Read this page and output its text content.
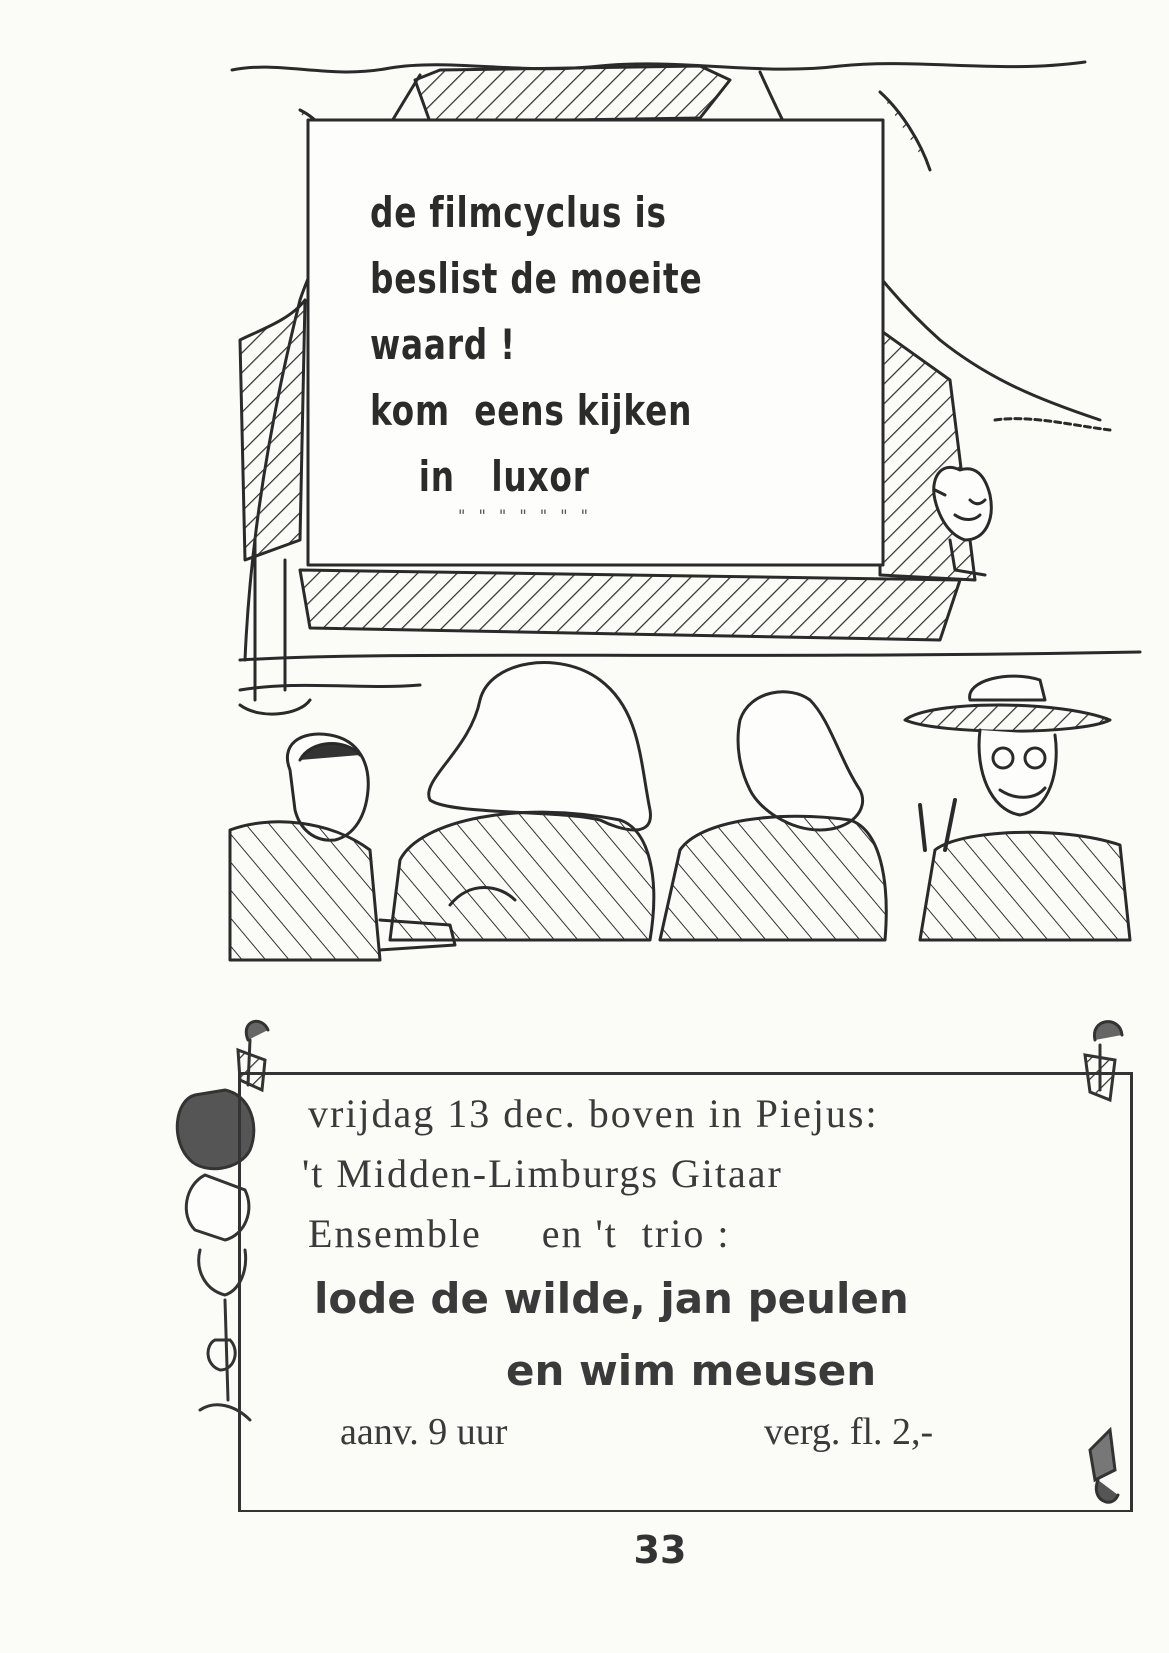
de filmcyclus is
beslist de moeite
waard !
kom  eens kijken
in   luxor
" " " " " " "
vrijdag 13 dec. boven in Piejus:
't Midden-Limburgs Gitaar
Ensemble     en 't  trio :
lode de wilde, jan peulen
en wim meusen
aanv. 9 uur	verg. fl. 2,-
33
